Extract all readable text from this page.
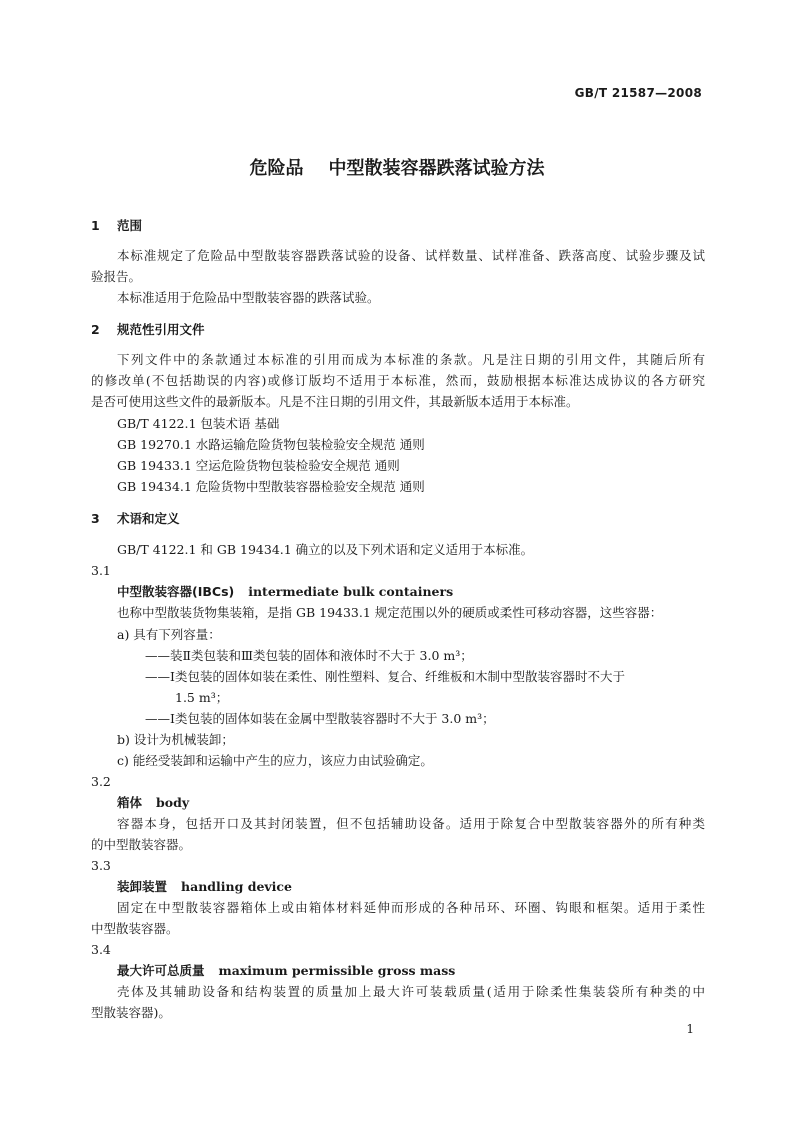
GB/T 21587—2008
危险品    中型散装容器跌落试验方法
1 范围
本标准规定了危险品中型散装容器跌落试验的设备、试样数量、试样准备、跌落高度、试验步骤及试
验报告。
本标准适用于危险品中型散装容器的跌落试验。
2 规范性引用文件
下列文件中的条款通过本标准的引用而成为本标准的条款。凡是注日期的引用文件，其随后所有
的修改单(不包括勘误的内容)或修订版均不适用于本标准，然而，鼓励根据本标准达成协议的各方研究
是否可使用这些文件的最新版本。凡是不注日期的引用文件，其最新版本适用于本标准。
GB/T 4122.1 包装术语 基础
GB 19270.1 水路运输危险货物包装检验安全规范 通则
GB 19433.1 空运危险货物包装检验安全规范 通则
GB 19434.1 危险货物中型散装容器检验安全规范 通则
3 术语和定义
GB/T 4122.1 和 GB 19434.1 确立的以及下列术语和定义适用于本标准。
3.1
中型散装容器(IBCs) intermediate bulk containers
也称中型散装货物集装箱，是指 GB 19433.1 规定范围以外的硬质或柔性可移动容器，这些容器：
a) 具有下列容量：
——装Ⅱ类包装和Ⅲ类包装的固体和液体时不大于 3.0 m³；
——Ⅰ类包装的固体如装在柔性、刚性塑料、复合、纤维板和木制中型散装容器时不大于
1.5 m³；
——Ⅰ类包装的固体如装在金属中型散装容器时不大于 3.0 m³；
b) 设计为机械装卸；
c) 能经受装卸和运输中产生的应力，该应力由试验确定。
3.2
箱体 body
容器本身，包括开口及其封闭装置，但不包括辅助设备。适用于除复合中型散装容器外的所有种类
的中型散装容器。
3.3
装卸装置 handling device
固定在中型散装容器箱体上或由箱体材料延伸而形成的各种吊环、环圈、钩眼和框架。适用于柔性
中型散装容器。
3.4
最大许可总质量 maximum permissible gross mass
壳体及其辅助设备和结构装置的质量加上最大许可装载质量(适用于除柔性集装袋所有种类的中
型散装容器)。
1
